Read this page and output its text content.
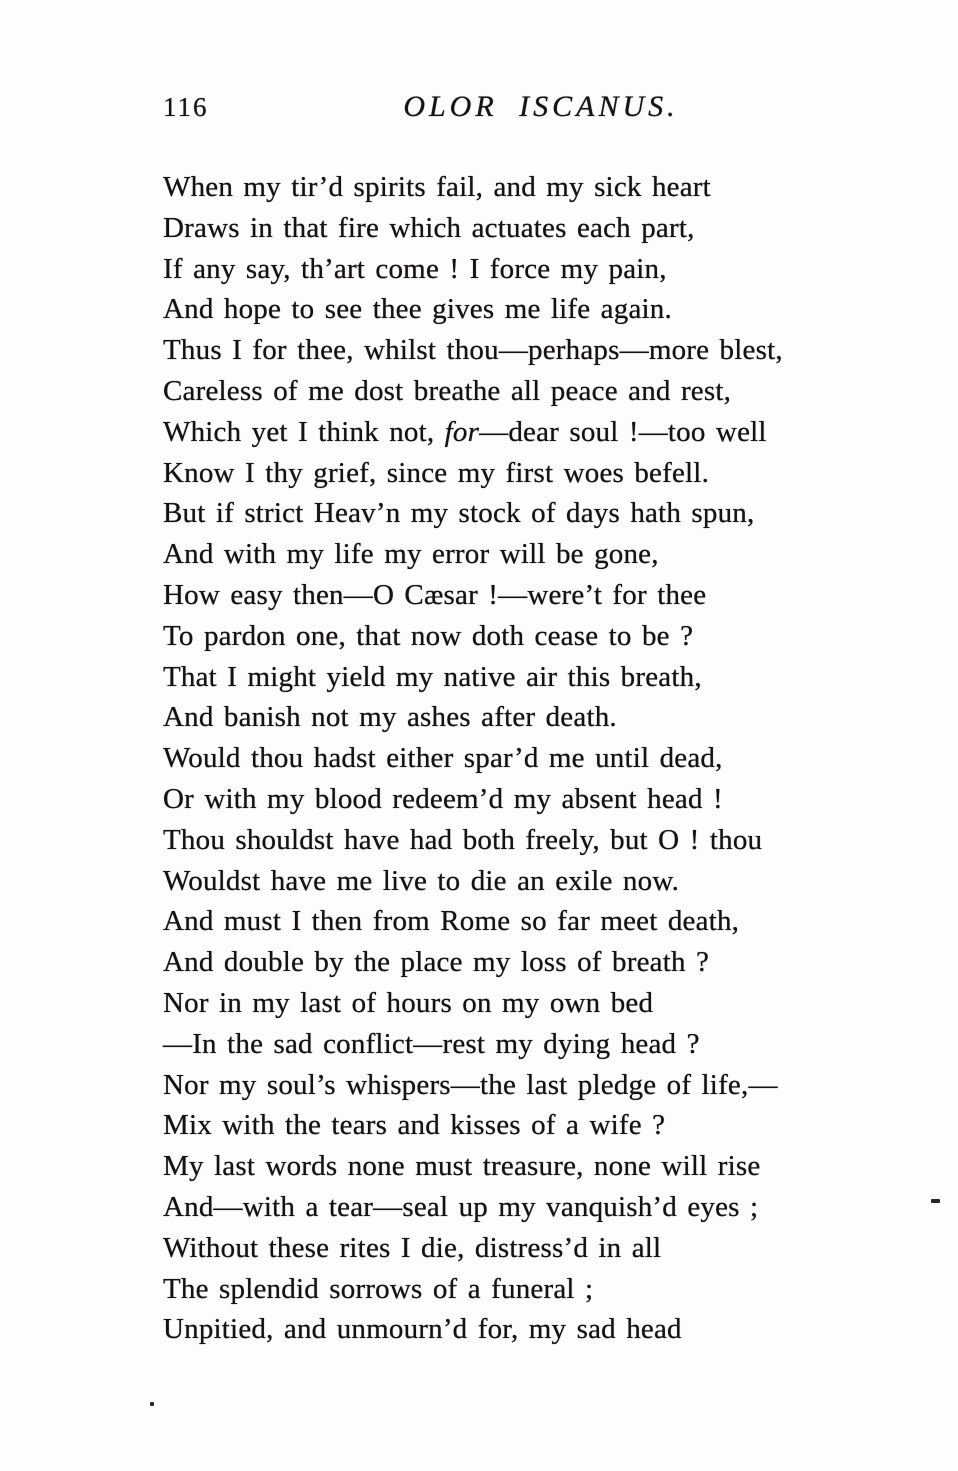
116	OLOR ISCANUS.
When my tir’d spirits fail, and my sick heart
Draws in that fire which actuates each part,
If any say, th’art come ! I force my pain,
And hope to see thee gives me life again.
Thus I for thee, whilst thou—perhaps—more blest,
Careless of me dost breathe all peace and rest,
Which yet I think not, for—dear soul !—too well
Know I thy grief, since my first woes befell.
But if strict Heav’n my stock of days hath spun,
And with my life my error will be gone,
How easy then—O Cæsar !—were’t for thee
To pardon one, that now doth cease to be ?
That I might yield my native air this breath,
And banish not my ashes after death.
Would thou hadst either spar’d me until dead,
Or with my blood redeem’d my absent head !
Thou shouldst have had both freely, but O ! thou
Wouldst have me live to die an exile now.
And must I then from Rome so far meet death,
And double by the place my loss of breath ?
Nor in my last of hours on my own bed
—In the sad conflict—rest my dying head ?
Nor my soul’s whispers—the last pledge of life,—
Mix with the tears and kisses of a wife ?
My last words none must treasure, none will rise
And—with a tear—seal up my vanquish’d eyes ;
Without these rites I die, distress’d in all
The splendid sorrows of a funeral ;
Unpitied, and unmourn’d for, my sad head
